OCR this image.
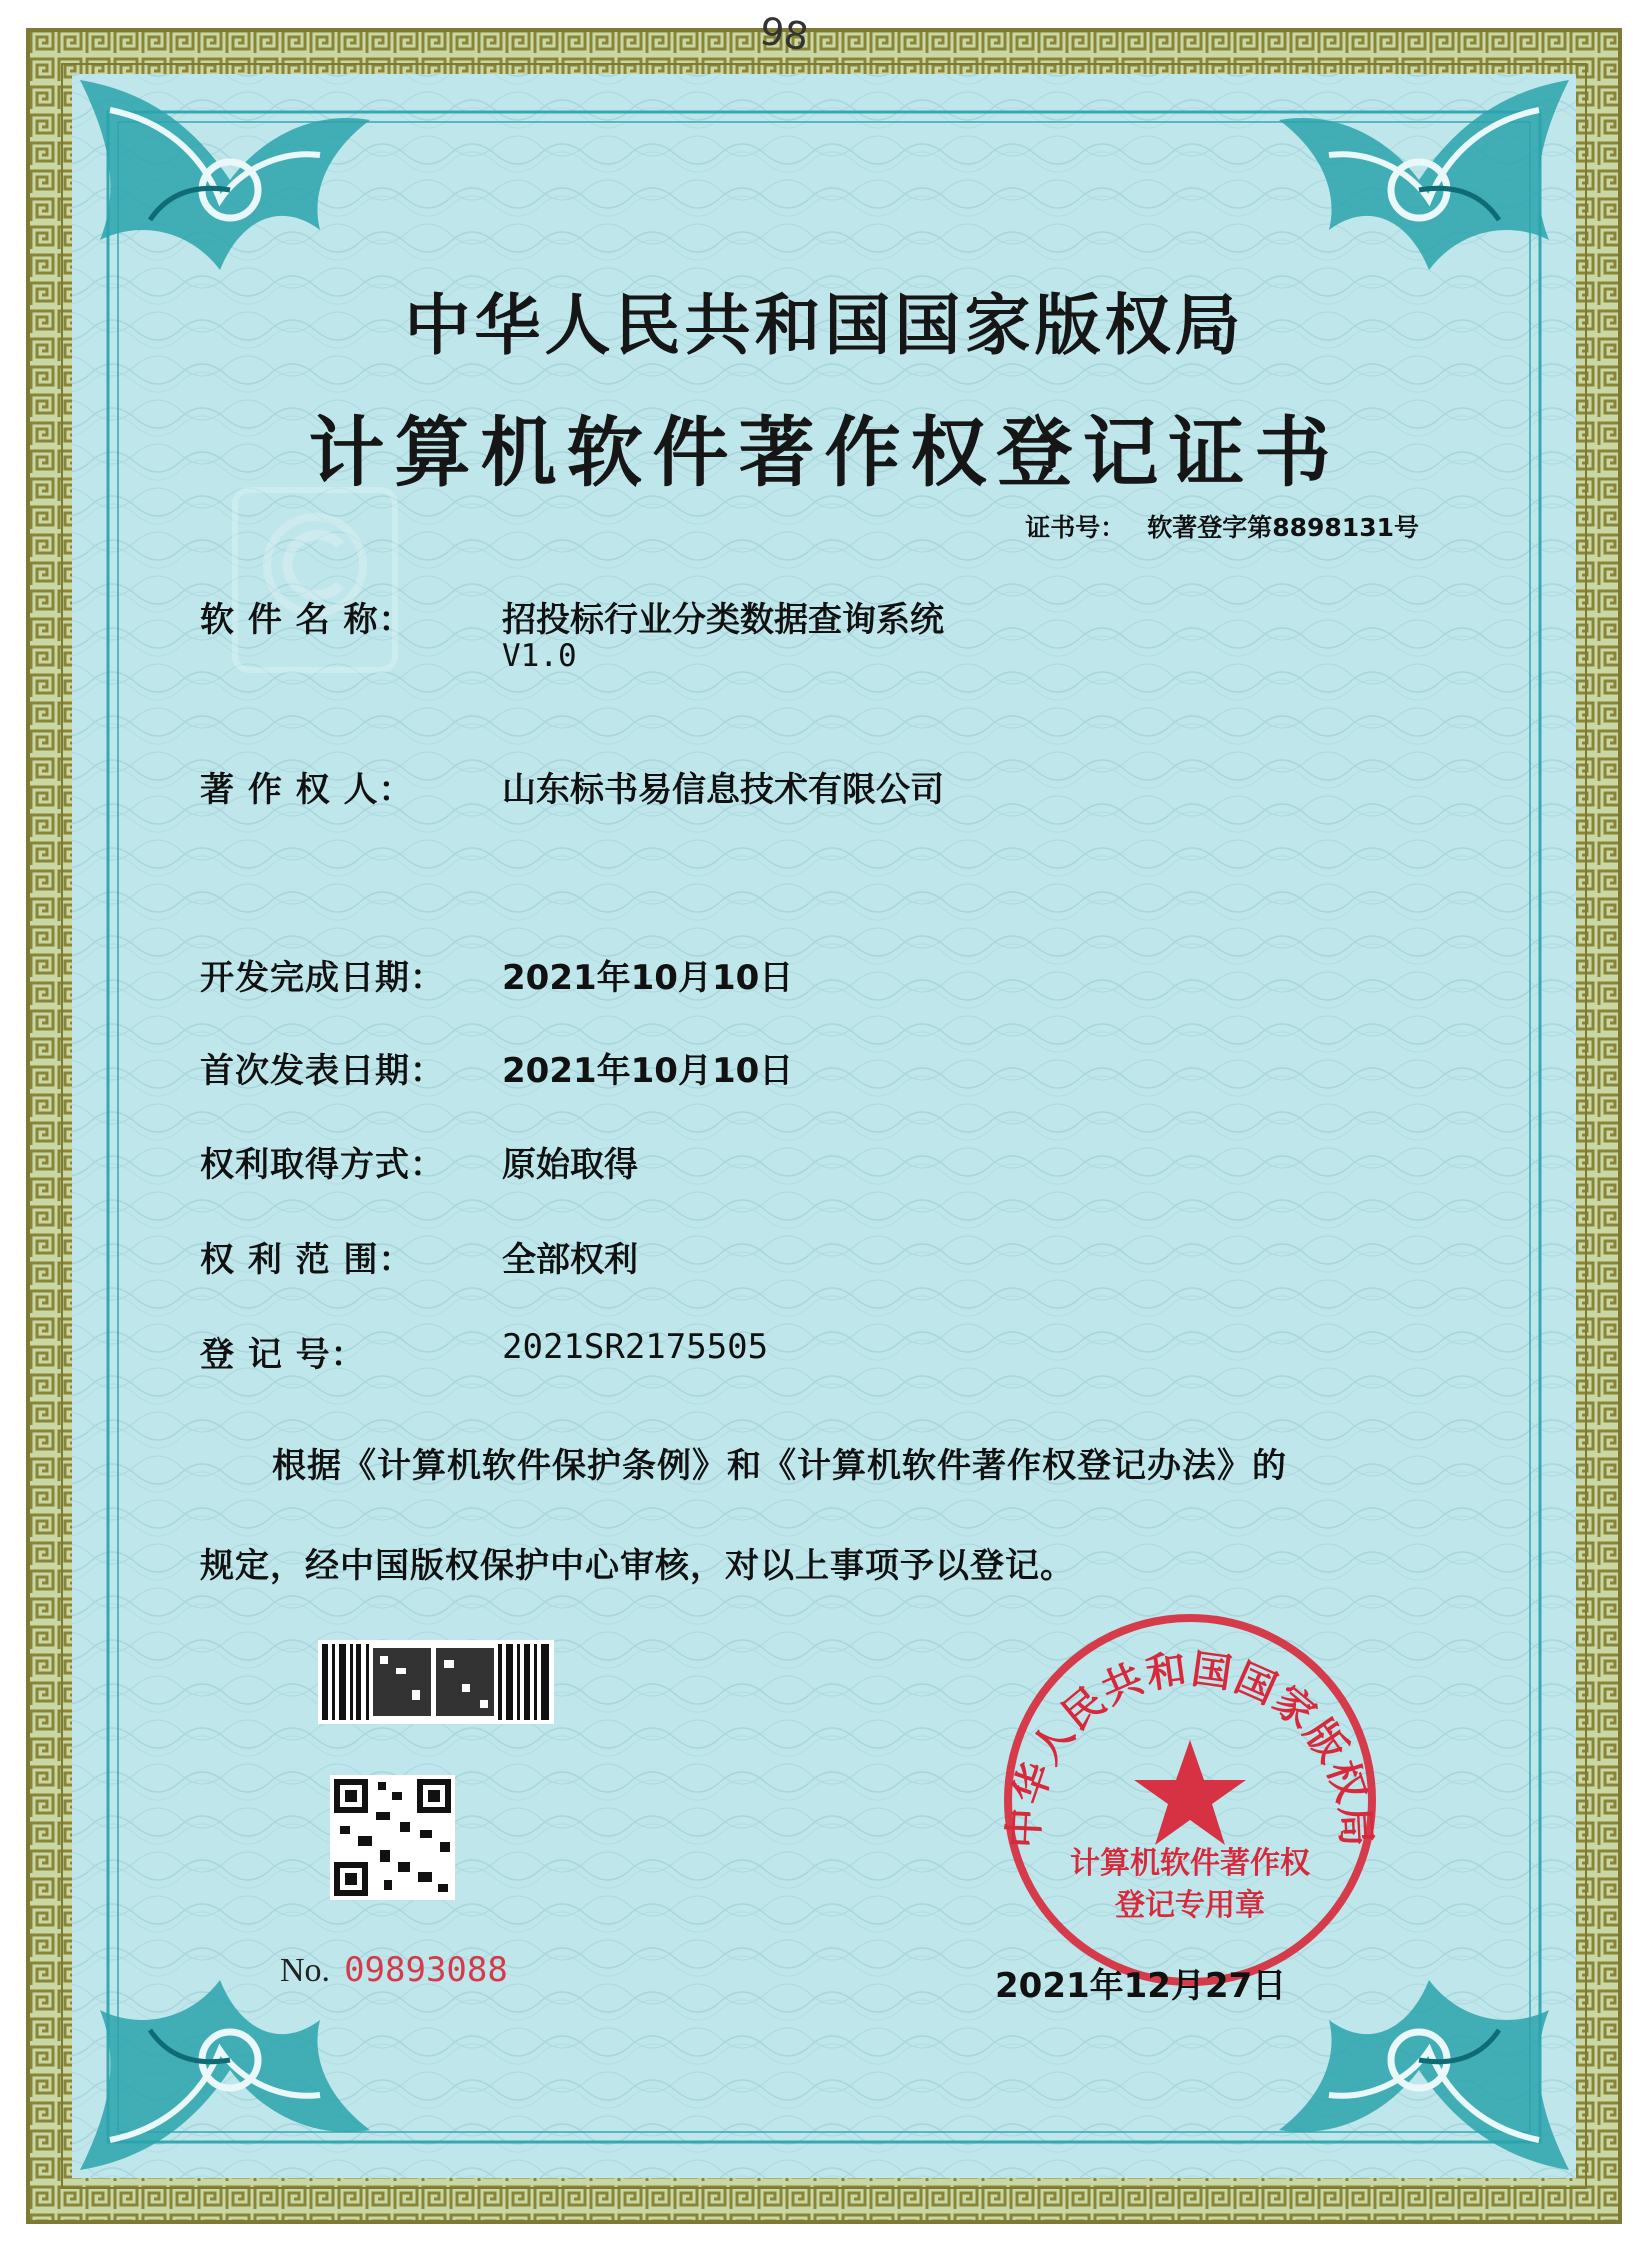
中华人民共和国国家版权局
计算机软件著作权
登记专用章
98
中华人民共和国国家版权局
计算机软件著作权登记证书
证书号： 软著登字第8898131号
软 件 名 称：	招投标行业分类数据查询系统
V1.0
著 作 权 人：	山东标书易信息技术有限公司
开发完成日期： 2021年10月10日
首次发表日期： 2021年10月10日
权利取得方式： 原始取得
权 利 范 围：	全部权利
登 记 号：	2021SR2175505
根据《计算机软件保护条例》和《计算机软件著作权登记办法》的
规定，经中国版权保护中心审核，对以上事项予以登记。
No. 09893088	2021年12月27日
